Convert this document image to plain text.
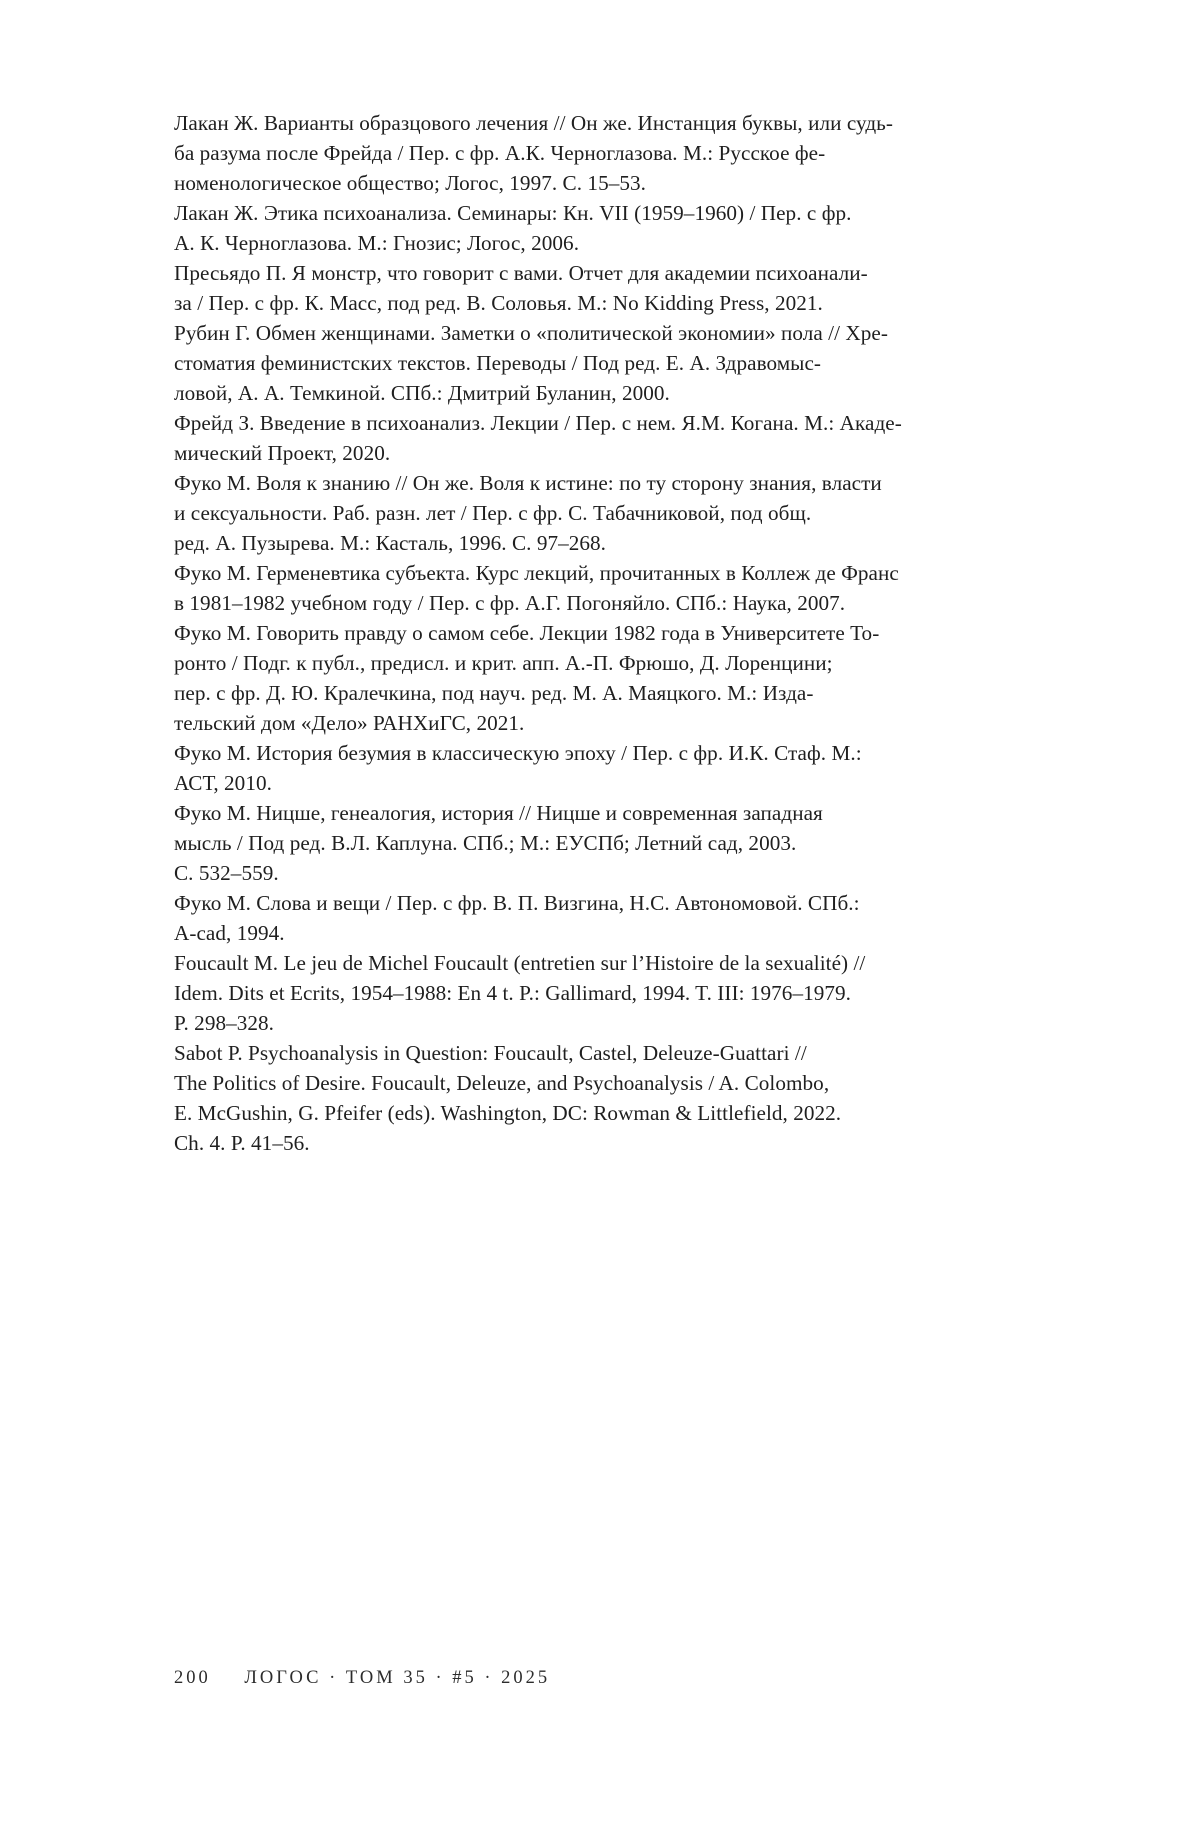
Лакан Ж. Варианты образцового лечения // Он же. Инстанция буквы, или судь-
ба разума после Фрейда / Пер. с фр. А.К. Черноглазова. М.: Русское фе-
номенологическое общество; Логос, 1997. С. 15–53.
Лакан Ж. Этика психоанализа. Семинары: Кн. VII (1959–1960) / Пер. с фр.
А. К. Черноглазова. М.: Гнозис; Логос, 2006.
Пресьядо П. Я монстр, что говорит с вами. Отчет для академии психоанали-
за / Пер. с фр. К. Масс, под ред. В. Соловья. М.: No Kidding Press, 2021.
Рубин Г. Обмен женщинами. Заметки о «политической экономии» пола // Хре-
стоматия феминистских текстов. Переводы / Под ред. Е. А. Здравомыс-
ловой, А. А. Темкиной. СПб.: Дмитрий Буланин, 2000.
Фрейд З. Введение в психоанализ. Лекции / Пер. с нем. Я.М. Когана. М.: Акаде-
мический Проект, 2020.
Фуко М. Воля к знанию // Он же. Воля к истине: по ту сторону знания, власти
и сексуальности. Раб. разн. лет / Пер. с фр. С. Табачниковой, под общ.
ред. А. Пузырева. М.: Касталь, 1996. С. 97–268.
Фуко М. Герменевтика субъекта. Курс лекций, прочитанных в Коллеж де Франс
в 1981–1982 учебном году / Пер. с фр. А.Г. Погоняйло. СПб.: Наука, 2007.
Фуко М. Говорить правду о самом себе. Лекции 1982 года в Университете То-
ронто / Подг. к публ., предисл. и крит. апп. А.-П. Фрюшо, Д. Лоренцини;
пер. с фр. Д. Ю. Кралечкина, под науч. ред. М. А. Маяцкого. М.: Изда-
тельский дом «Дело» РАНХиГС, 2021.
Фуко М. История безумия в классическую эпоху / Пер. с фр. И.К. Стаф. М.:
АСТ, 2010.
Фуко М. Ницше, генеалогия, история // Ницше и современная западная
мысль / Под ред. В.Л. Каплуна. СПб.; М.: ЕУСПб; Летний сад, 2003.
С. 532–559.
Фуко М. Слова и вещи / Пер. с фр. В. П. Визгина, Н.С. Автономовой. СПб.:
A-cad, 1994.
Foucault M. Le jeu de Michel Foucault (entretien sur l’Histoire de la sexualité) //
Idem. Dits et Ecrits, 1954–1988: En 4 t. P.: Gallimard, 1994. T. III: 1976–1979.
P. 298–328.
Sabot P. Psychoanalysis in Question: Foucault, Castel, Deleuze-Guattari //
The Politics of Desire. Foucault, Deleuze, and Psychoanalysis / A. Colombo,
E. McGushin, G. Pfeifer (eds). Washington, DC: Rowman & Littlefield, 2022.
Ch. 4. P. 41–56.
200 ЛОГОС · ТОМ 35 · #5 · 2025
